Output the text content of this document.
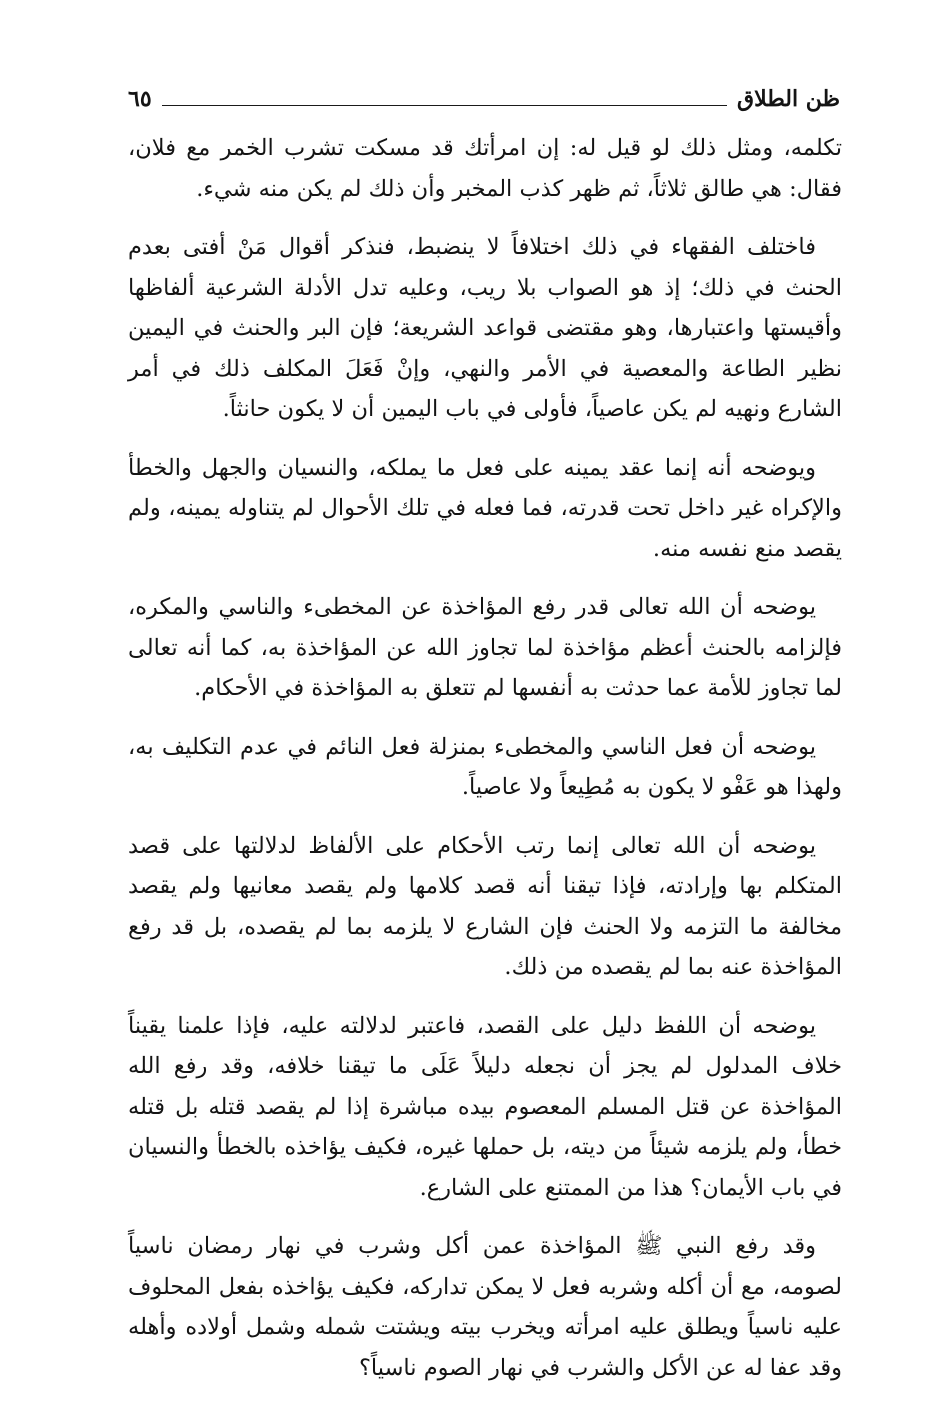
ظن الطلاق
٦٥

تكلمه، ومثل ذلك لو قيل له: إن امرأتك قد مسكت تشرب الخمر مع فلان، فقال: هي طالق ثلاثاً، ثم ظهر كذب المخبر وأن ذلك لم يكن منه شيء.

فاختلف الفقهاء في ذلك اختلافاً لا ينضبط، فنذكر أقوال مَنْ أفتى بعدم الحنث في ذلك؛ إذ هو الصواب بلا ريب، وعليه تدل الأدلة الشرعية ألفاظها وأقيستها واعتبارها، وهو مقتضى قواعد الشريعة؛ فإن البر والحنث في اليمين نظير الطاعة والمعصية في الأمر والنهي، وإنْ فَعَلَ المكلف ذلك في أمر الشارع ونهيه لم يكن عاصياً، فأولى في باب اليمين أن لا يكون حانثاً.

ويوضحه أنه إنما عقد يمينه على فعل ما يملكه، والنسيان والجهل والخطأ والإكراه غير داخل تحت قدرته، فما فعله في تلك الأحوال لم يتناوله يمينه، ولم يقصد منع نفسه منه.

يوضحه أن الله تعالى قدر رفع المؤاخذة عن المخطىء والناسي والمكره، فإلزامه بالحنث أعظم مؤاخذة لما تجاوز الله عن المؤاخذة به، كما أنه تعالى لما تجاوز للأمة عما حدثت به أنفسها لم تتعلق به المؤاخذة في الأحكام.

يوضحه أن فعل الناسي والمخطىء بمنزلة فعل النائم في عدم التكليف به، ولهذا هو عَفْو لا يكون به مُطِيعاً ولا عاصياً.

يوضحه أن الله تعالى إنما رتب الأحكام على الألفاظ لدلالتها على قصد المتكلم بها وإرادته، فإذا تيقنا أنه قصد كلامها ولم يقصد معانيها ولم يقصد مخالفة ما التزمه ولا الحنث فإن الشارع لا يلزمه بما لم يقصده، بل قد رفع المؤاخذة عنه بما لم يقصده من ذلك.

يوضحه أن اللفظ دليل على القصد، فاعتبر لدلالته عليه، فإذا علمنا يقيناً خلاف المدلول لم يجز أن نجعله دليلاً عَلَى ما تيقنا خلافه، وقد رفع الله المؤاخذة عن قتل المسلم المعصوم بيده مباشرة إذا لم يقصد قتله بل قتله خطأ، ولم يلزمه شيئاً من ديته، بل حملها غيره، فكيف يؤاخذه بالخطأ والنسيان في باب الأيمان؟ هذا من الممتنع على الشارع.

وقد رفع النبي ﷺ المؤاخذة عمن أكل وشرب في نهار رمضان ناسياً لصومه، مع أن أكله وشربه فعل لا يمكن تداركه، فكيف يؤاخذه بفعل المحلوف عليه ناسياً ويطلق عليه امرأته ويخرب بيته ويشتت شمله وشمل أولاده وأهله وقد عفا له عن الأكل والشرب في نهار الصوم ناسياً؟
